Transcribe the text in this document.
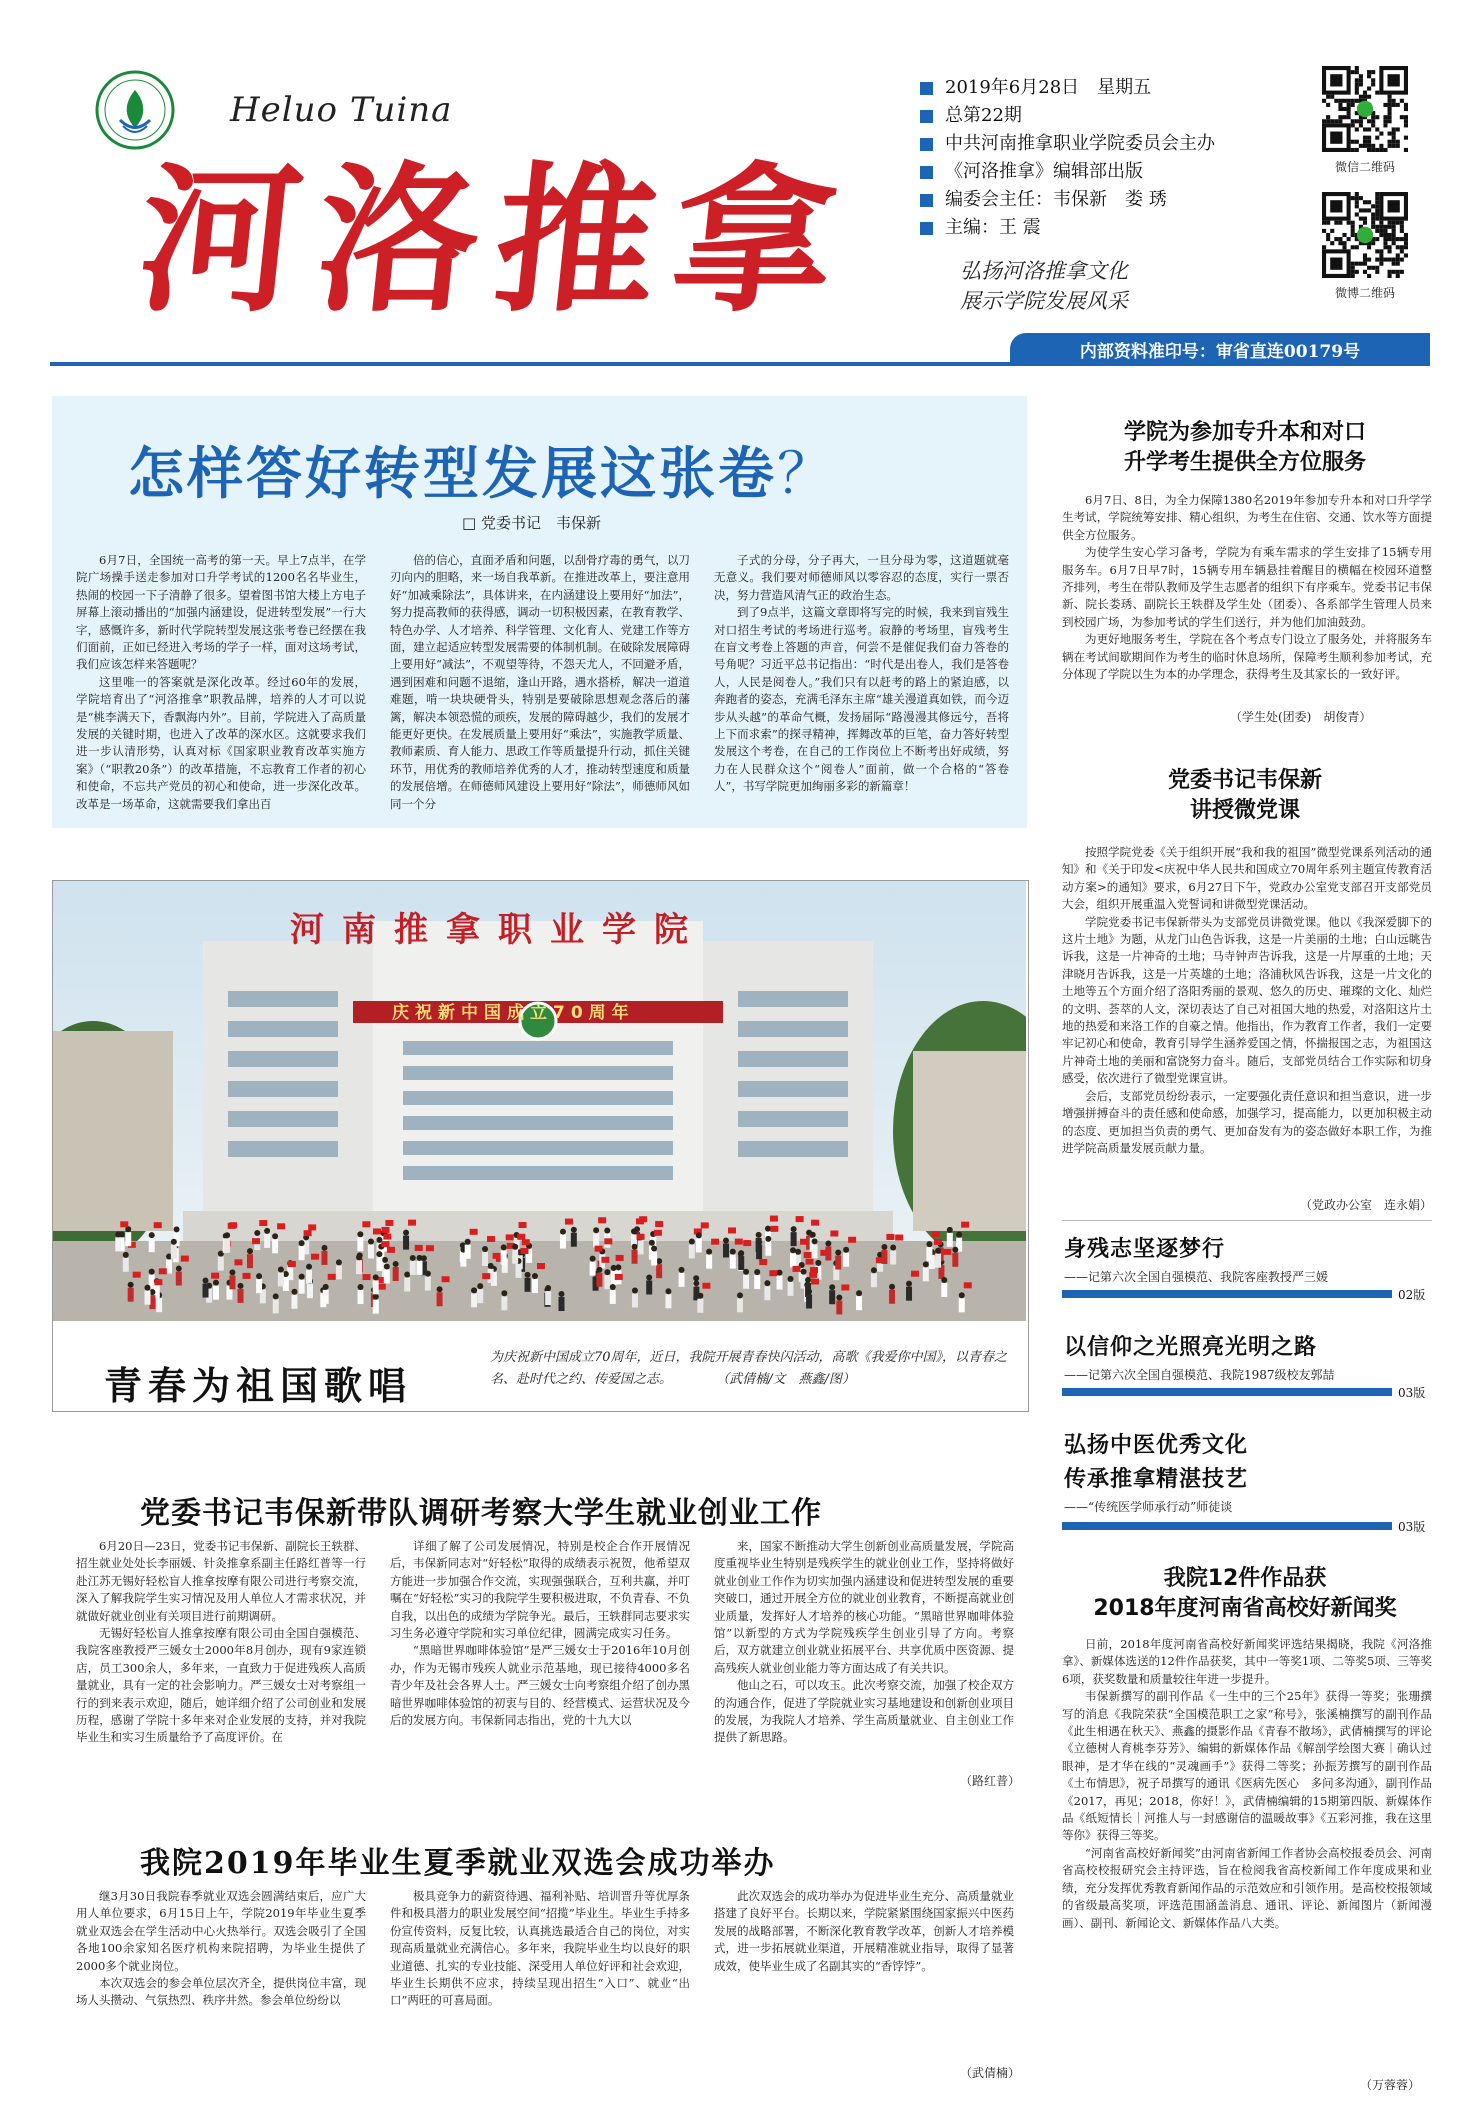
Heluo Tuina
河洛推拿
2019年6月28日　星期五
总第22期
中共河南推拿职业学院委员会主办
《河洛推拿》编辑部出版
编委会主任：韦保新　娄 琇
主编：王 震
弘扬河洛推拿文化
展示学院发展风采
微信二维码
微博二维码
内部资料准印号：审省直连00179号
怎样答好转型发展这张卷？
□ 党委书记　韦保新
6月7日，全国统一高考的第一天。早上7点半，在学院广场操手送走参加对口升学考试的1200名名毕业生，热闹的校园一下子清静了很多。望着图书馆大楼上方电子屏幕上滚动播出的“加强内涵建设，促进转型发展”一行大字，感慨许多，新时代学院转型发展这张考卷已经摆在我们面前，正如已经进入考场的学子一样，面对这场考试，我们应该怎样来答题呢？
这里唯一的答案就是深化改革。经过60年的发展，学院培育出了“河洛推拿”职教品牌，培养的人才可以说是“桃李满天下，香飘海内外”。目前，学院进入了高质量发展的关键时期，也进入了改革的深水区。这就要求我们进一步认清形势，认真对标《国家职业教育改革实施方案》（“职教20条”）的改革措施，不忘教育工作者的初心和使命，不忘共产党员的初心和使命，进一步深化改革。改革是一场革命，这就需要我们拿出百
倍的信心，直面矛盾和问题，以刮骨疗毒的勇气，以刀刃向内的胆略，来一场自我革新。在推进改革上，要注意用好“加减乘除法”，具体讲来，在内涵建设上要用好“加法”，努力提高教师的获得感，调动一切积极因素，在教育教学、特色办学、人才培养、科学管理、文化育人、党建工作等方面，建立起适应转型发展需要的体制机制。在破除发展障碍上要用好“减法”，不观望等待，不怨天尤人，不回避矛盾，遇到困难和问题不退缩，逢山开路，遇水搭桥，解决一道道难题，啃一块块硬骨头，特别是要破除思想观念落后的藩篱，解决本领恐慌的顽疾，发展的障碍越少，我们的发展才能更好更快。在发展质量上要用好“乘法”，实施教学质量、教师素质、育人能力、思政工作等质量提升行动，抓住关键环节，用优秀的教师培养优秀的人才，推动转型速度和质量的发展倍增。在师德师风建设上要用好“除法”，师德师风如同一个分
子式的分母，分子再大，一旦分母为零，这道题就毫无意义。我们要对师德师风以零容忍的态度，实行一票否决，努力营造风清气正的政治生态。
到了9点半，这篇文章即将写完的时候，我来到盲残生对口招生考试的考场进行巡考。寂静的考场里，盲残考生在盲文考卷上答题的声音，何尝不是催促我们奋力答卷的号角呢？习近平总书记指出：“时代是出卷人，我们是答卷人，人民是阅卷人。”我们只有以赶考的路上的紧迫感，以奔跑者的姿态，充满毛泽东主席“雄关漫道真如铁，而今迈步从头越”的革命气概，发扬届际“路漫漫其修远兮，吾将上下而求索”的探寻精神，挥舞改革的巨笔，奋力答好转型发展这个考卷，在自己的工作岗位上不断考出好成绩，努力在人民群众这个“阅卷人”面前，做一个合格的“答卷人”，书写学院更加绚丽多彩的新篇章！
河南推拿职业学院
庆祝新中国成立70周年
青春为祖国歌唱
为庆祝新中国成立70周年，近日，我院开展青春快闪活动，高歌《我爱你中国》，以青春之名、赴时代之约、传爱国之志。	（武倩楠/文　燕鑫/图）
党委书记韦保新带队调研考察大学生就业创业工作
6月20日—23日，党委书记韦保新、副院长王轶群、招生就业处处长李丽媛、针灸推拿系副主任路红普等一行赴江苏无锡好轻松盲人推拿按摩有限公司进行考察交流，深入了解我院学生实习情况及用人单位人才需求状况，并就做好就业创业有关项目进行前期调研。
无锡好轻松盲人推拿按摩有限公司由全国自强模范、我院客座教授严三媛女士2000年8月创办，现有9家连锁店，员工300余人，多年来，一直致力于促进残疾人高质量就业，具有一定的社会影响力。严三媛女士对考察组一行的到来表示欢迎，随后，她详细介绍了公司创业和发展历程，感谢了学院十多年来对企业发展的支持，并对我院毕业生和实习生质量给予了高度评价。在
详细了解了公司发展情况，特别是校企合作开展情况后，韦保新同志对“好轻松”取得的成绩表示祝贺，他希望双方能进一步加强合作交流，实现强强联合，互利共赢，并叮嘱在“好轻松”实习的我院学生要积极进取，不负青春、不负自我，以出色的成绩为学院争光。最后，王轶群同志要求实习生务必遵守学院和实习单位纪律，圆满完成实习任务。
“黑暗世界咖啡体验馆”是严三媛女士于2016年10月创办，作为无锡市残疾人就业示范基地，现已接待4000多名青少年及社会各界人士。严三媛女士向考察组介绍了创办黑暗世界咖啡体验馆的初衷与目的、经营模式、运营状况及今后的发展方向。韦保新同志指出，党的十九大以
来，国家不断推动大学生创新创业高质量发展，学院高度重视毕业生特别是残疾学生的就业创业工作，坚持将做好就业创业工作作为切实加强内涵建设和促进转型发展的重要突破口，通过开展全方位的就业创业教育，不断提高就业创业质量，发挥好人才培养的核心功能。“黑暗世界咖啡体验馆”以新型的方式为学院残疾学生创业引导了方向。考察后，双方就建立创业就业拓展平台、共享优质中医资源、提高残疾人就业创业能力等方面达成了有关共识。
他山之石，可以攻玉。此次考察交流，加强了校企双方的沟通合作，促进了学院就业实习基地建设和创新创业项目的发展，为我院人才培养、学生高质量就业、自主创业工作提供了新思路。
（路红普）
我院2019年毕业生夏季就业双选会成功举办
继3月30日我院春季就业双选会圆满结束后，应广大用人单位要求，6月15日上午，学院2019年毕业生夏季就业双选会在学生活动中心火热举行。双选会吸引了全国各地100余家知名医疗机构来院招聘，为毕业生提供了2000多个就业岗位。
本次双选会的参会单位层次齐全，提供岗位丰富，现场人头攒动、气氛热烈、秩序井然。参会单位纷纷以
极具竞争力的薪资待遇、福利补贴、培训晋升等优厚条件和极具潜力的职业发展空间“招揽”毕业生。毕业生手持多份宣传资料，反复比较，认真挑选最适合自己的岗位，对实现高质量就业充满信心。多年来，我院毕业生均以良好的职业道德、扎实的专业技能、深受用人单位好评和社会欢迎，毕业生长期供不应求，持续呈现出招生“入口”、就业“出口”两旺的可喜局面。
此次双选会的成功举办为促进毕业生充分、高质量就业搭建了良好平台。长期以来，学院紧紧围绕国家振兴中医药发展的战略部署，不断深化教育教学改革，创新人才培养模式，进一步拓展就业渠道，开展精准就业指导，取得了显著成效，使毕业生成了名副其实的“香饽饽”。
（武倩楠）
学院为参加专升本和对口
升学考生提供全方位服务
6月7日、8日，为全力保障1380名2019年参加专升本和对口升学学生考试，学院统筹安排、精心组织，为考生在住宿、交通、饮水等方面提供全方位服务。
为使学生安心学习备考，学院为有乘车需求的学生安排了15辆专用服务车。6月7日早7时，15辆专用车辆悬挂着醒目的横幅在校园环道整齐排列，考生在带队教师及学生志愿者的组织下有序乘车。党委书记韦保新、院长娄琇、副院长王轶群及学生处（团委）、各系部学生管理人员来到校园广场，为参加考试的学生们送行，并为他们加油鼓劲。
为更好地服务考生，学院在各个考点专门设立了服务处，并将服务车辆在考试间歇期间作为考生的临时休息场所，保障考生顺利参加考试，充分体现了学院以生为本的办学理念，获得考生及其家长的一致好评。
（学生处(团委)　胡俊青）
党委书记韦保新
讲授微党课
按照学院党委《关于组织开展“我和我的祖国”微型党课系列活动的通知》和《关于印发<庆祝中华人民共和国成立70周年系列主题宣传教育活动方案>的通知》要求，6月27日下午，党政办公室党支部召开支部党员大会，组织开展重温入党誓词和讲微型党课活动。
学院党委书记韦保新带头为支部党员讲微党课。他以《我深爱脚下的这片土地》为题，从龙门山色告诉我，这是一片美丽的土地；白山远眺告诉我，这是一片神奇的土地；马寺钟声告诉我，这是一片厚重的土地；天津晓月告诉我，这是一片英雄的土地；洛浦秋风告诉我，这是一片文化的土地等五个方面介绍了洛阳秀丽的景观、悠久的历史、璀璨的文化、灿烂的文明、荟萃的人文，深切表达了自己对祖国大地的热爱，对洛阳这片土地的热爱和来洛工作的自豪之情。他指出，作为教育工作者，我们一定要牢记初心和使命，教育引导学生涵养爱国之情，怀揣报国之志，为祖国这片神奇土地的美丽和富饶努力奋斗。随后，支部党员结合工作实际和切身感受，依次进行了微型党课宣讲。
会后，支部党员纷纷表示，一定要强化责任意识和担当意识，进一步增强拼搏奋斗的责任感和使命感，加强学习，提高能力，以更加积极主动的态度、更加担当负责的勇气、更加奋发有为的姿态做好本职工作，为推进学院高质量发展贡献力量。
（党政办公室　连永娟）
身残志坚逐梦行
——记第六次全国自强模范、我院客座教授严三媛
02版
以信仰之光照亮光明之路
——记第六次全国自强模范、我院1987级校友郭喆
03版
弘扬中医优秀文化
传承推拿精湛技艺
——“传统医学师承行动”师徒谈
03版
我院12件作品获
2018年度河南省高校好新闻奖
日前，2018年度河南省高校好新闻奖评选结果揭晓，我院《河洛推拿》、新媒体选送的12件作品获奖，其中一等奖1项、二等奖5项、三等奖6项，获奖数量和质量较往年进一步提升。
韦保新撰写的副刊作品《一生中的三个25年》获得一等奖；张珊撰写的消息《我院荣获“全国模范职工之家”称号》，张溪楠撰写的副刊作品《此生相遇在秋天》、燕鑫的摄影作品《青春不散场》，武倩楠撰写的评论《立德树人育桃李芬芳》、编辑的新媒体作品《解剖学绘图大赛｜确认过眼神，是才华在线的“灵魂画手”》获得二等奖；孙振芳撰写的副刊作品《土布情思》，祝子昂撰写的通讯《医病先医心　多问多沟通》，副刊作品《2017，再见；2018，你好！》，武倩楠编辑的15期第四版、新媒体作品《纸短情长｜河推人与一封感谢信的温暖故事》《五彩河推，我在这里等你》获得三等奖。
“河南省高校好新闻奖”由河南省新闻工作者协会高校报委员会、河南省高校校报研究会主持评选，旨在检阅我省高校新闻工作年度成果和业绩，充分发挥优秀教育新闻作品的示范效应和引领作用。是高校校报领域的省级最高奖项，评选范围涵盖消息、通讯、评论、新闻图片（新闻漫画）、副刊、新闻论文、新媒体作品八大类。
（万蓉蓉）
